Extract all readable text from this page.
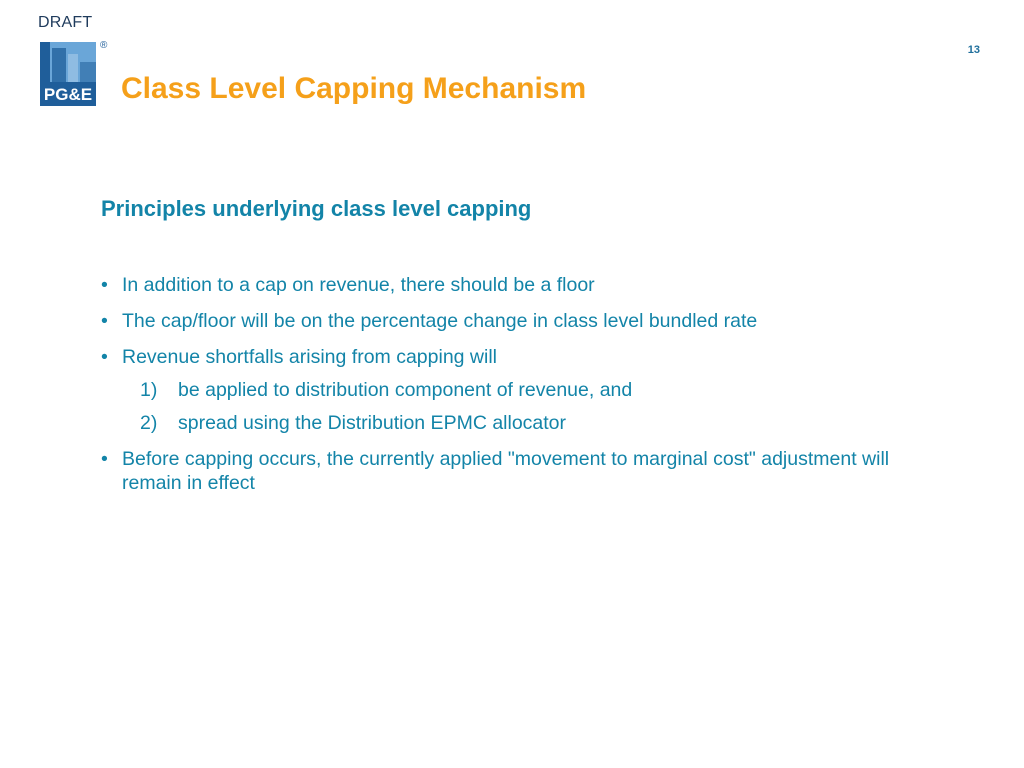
DRAFT
PG&E
®	13
Class Level Capping Mechanism
Principles underlying class level capping
• In addition to a cap on revenue, there should be a floor
• The cap/floor will be on the percentage change in class level bundled rate
• Revenue shortfalls arising from capping will
1) be applied to distribution component of revenue, and
2) spread using the Distribution EPMC allocator
• Before capping occurs, the currently applied "movement to marginal cost" adjustment will remain in effect
